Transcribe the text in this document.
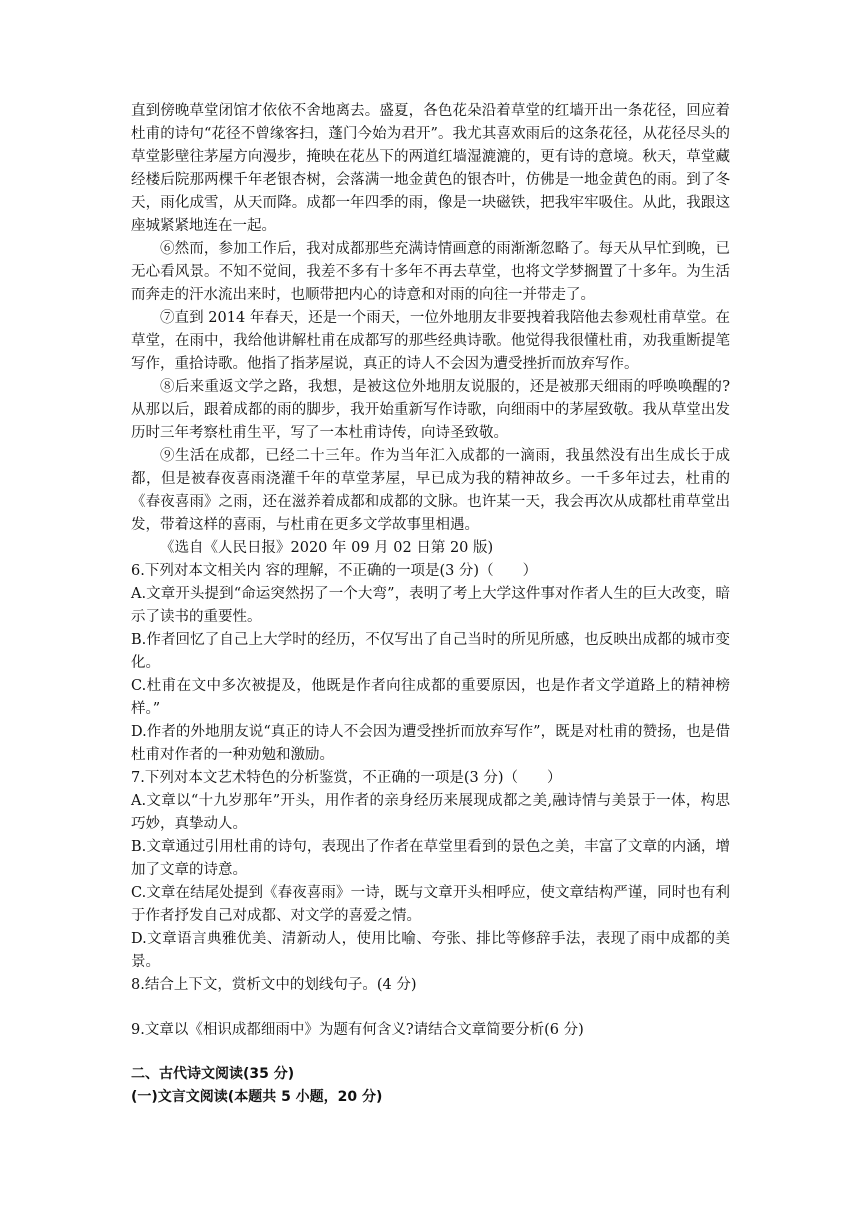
直到傍晚草堂闭馆才依依不舍地离去。盛夏，各色花朵沿着草堂的红墙开出一条花径，回应着杜甫的诗句“花径不曾缘客扫，蓬门今始为君开”。我尤其喜欢雨后的这条花径，从花径尽头的草堂影壁往茅屋方向漫步，掩映在花丛下的两道红墙湿漉漉的，更有诗的意境。秋天，草堂藏经楼后院那两棵千年老银杏树，会落满一地金黄色的银杏叶，仿佛是一地金黄色的雨。到了冬天，雨化成雪，从天而降。成都一年四季的雨，像是一块磁铁，把我牢牢吸住。从此，我跟这座城紧紧地连在一起。

⑥然而，参加工作后，我对成都那些充满诗情画意的雨渐渐忽略了。每天从早忙到晚，已无心看风景。不知不觉间，我差不多有十多年不再去草堂，也将文学梦搁置了十多年。为生活而奔走的汗水流出来时，也顺带把内心的诗意和对雨的向往一并带走了。

⑦直到 2014 年春天，还是一个雨天，一位外地朋友非要拽着我陪他去参观杜甫草堂。在草堂，在雨中，我给他讲解杜甫在成都写的那些经典诗歌。他觉得我很懂杜甫，劝我重断提笔写作，重拾诗歌。他指了指茅屋说，真正的诗人不会因为遭受挫折而放弃写作。

⑧后来重返文学之路，我想，是被这位外地朋友说服的，还是被那天细雨的呼唤唤醒的?从那以后，跟着成都的雨的脚步，我开始重新写作诗歌，向细雨中的茅屋致敬。我从草堂出发历时三年考察杜甫生平，写了一本杜甫诗传，向诗圣致敬。

⑨生活在成都，已经二十三年。作为当年汇入成都的一滴雨，我虽然没有出生成长于成都，但是被春夜喜雨浇灌千年的草堂茅屋，早已成为我的精神故乡。一千多年过去，杜甫的《春夜喜雨》之雨，还在滋养着成都和成都的文脉。也许某一天，我会再次从成都杜甫草堂出发，带着这样的喜雨，与杜甫在更多文学故事里相遇。

《选自《人民日报》2020 年 09 月 02 日第 20 版)

6.下列对本文相关内 容的理解，不正确的一项是(3 分)（　　）

A.文章开头提到“命运突然拐了一个大弯”，表明了考上大学这件事对作者人生的巨大改变，暗示了读书的重要性。

B.作者回忆了自己上大学时的经历，不仅写出了自己当时的所见所感，也反映出成都的城市变化。

C.杜甫在文中多次被提及，他既是作者向往成都的重要原因，也是作者文学道路上的精神榜样。”

D.作者的外地朋友说“真正的诗人不会因为遭受挫折而放弃写作”，既是对杜甫的赞扬，也是借杜甫对作者的一种劝勉和激励。

7.下列对本文艺术特色的分析鉴赏，不正确的一项是(3 分)（　　）

A.文章以“十九岁那年”开头，用作者的亲身经历来展现成都之美,融诗情与美景于一体，构思巧妙，真挚动人。

B.文章通过引用杜甫的诗句，表现出了作者在草堂里看到的景色之美，丰富了文章的内涵，增加了文章的诗意。

C.文章在结尾处提到《春夜喜雨》一诗，既与文章开头相呼应，使文章结构严谨，同时也有利于作者抒发自己对成都、对文学的喜爱之情。

D.文章语言典雅优美、清新动人，使用比喻、夸张、排比等修辞手法，表现了雨中成都的美景。

8.结合上下文，赏析文中的划线句子。(4 分)

9.文章以《相识成都细雨中》为题有何含义?请结合文章简要分析(6 分)

二、古代诗文阅读(35 分)

(一)文言文阅读(本题共 5 小题，20 分)
